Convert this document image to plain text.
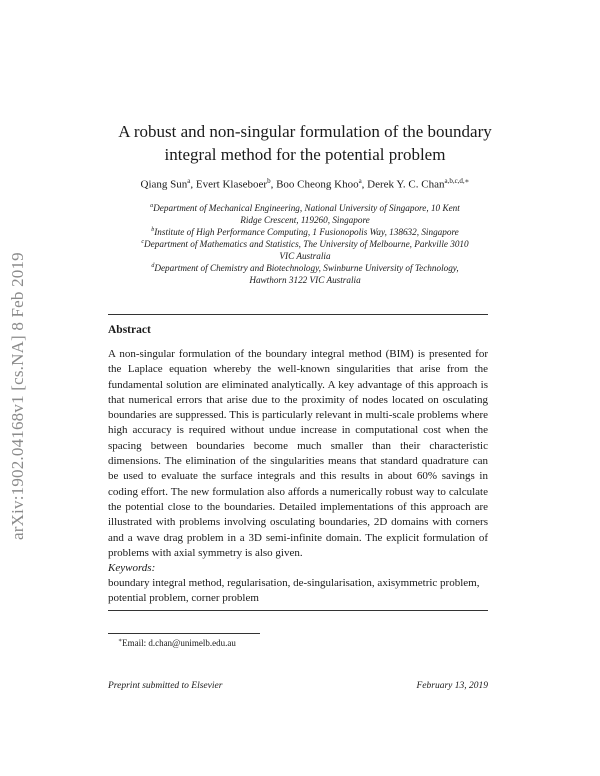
arXiv:1902.04168v1 [cs.NA] 8 Feb 2019
A robust and non-singular formulation of the boundary
integral method for the potential problem
Qiang Sun$^a$, Evert Klaseboer$^b$, Boo Cheong Khoo$^a$, Derek Y. C. Chan$^{a,b,c,d,∗}$
$^a$Department of Mechanical Engineering, National University of Singapore, 10 Kent
Ridge Crescent, 119260, Singapore
$^b$Institute of High Performance Computing, 1 Fusionopolis Way, 138632, Singapore
$^c$Department of Mathematics and Statistics, The University of Melbourne, Parkville 3010
VIC Australia
$^d$Department of Chemistry and Biotechnology, Swinburne University of Technology,
Hawthorn 3122 VIC Australia
Abstract
A non-singular formulation of the boundary integral method (BIM) is presented for the Laplace equation whereby the well-known singularities that arise from the fundamental solution are eliminated analytically. A key advantage of this approach is that numerical errors that arise due to the proximity of nodes located on osculating boundaries are suppressed. This is particularly relevant in multi-scale problems where high accuracy is required without undue increase in computational cost when the spacing between boundaries become much smaller than their characteristic dimensions. The elimination of the singularities means that standard quadrature can be used to evaluate the surface integrals and this results in about 60% savings in coding effort. The new formulation also affords a numerically robust way to calculate the potential close to the boundaries. Detailed implementations of this approach are illustrated with problems involving osculating boundaries, 2D domains with corners and a wave drag problem in a 3D semi-infinite domain. The explicit formulation of problems with axial symmetry is also given.
Keywords:
boundary integral method, regularisation, de-singularisation, axisymmetric problem, potential problem, corner problem
∗Email: d.chan@unimelb.edu.au
Preprint submitted to Elsevier	February 13, 2019
